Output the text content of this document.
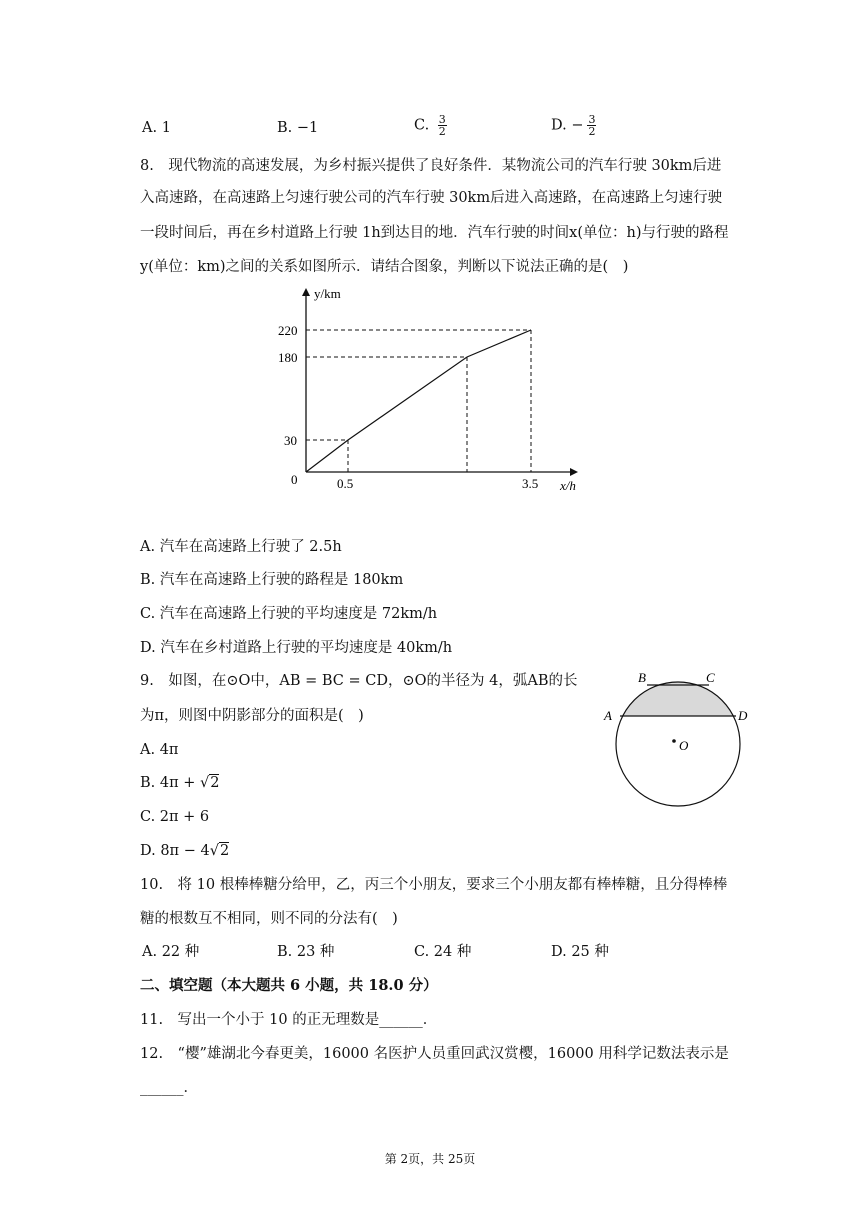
A. 1	B. −1	C. $\frac{3}{2}$	D. − $\frac{3}{2}$
8.　现代物流的高速发展，为乡村振兴提供了良好条件．某物流公司的汽车行驶 30km后进
入高速路，在高速路上匀速行驶公司的汽车行驶 30km后进入高速路，在高速路上匀速行驶
一段时间后，再在乡村道路上行驶 1h到达目的地．汽车行驶的时间x(单位：h)与行驶的路程
y(单位：km)之间的关系如图所示．请结合图象，判断以下说法正确的是(　)
y/km
x/h
0
220
180
30
0.5	3.5
A. 汽车在高速路上行驶了 2.5h
B. 汽车在高速路上行驶的路程是 180km
C. 汽车在高速路上行驶的平均速度是 72km/h
D. 汽车在乡村道路上行驶的平均速度是 40km/h
9.　如图，在⊙O中，AB = BC = CD，⊙O的半径为 4，弧AB的长
为π，则图中阴影部分的面积是(　)
A. 4π
B. 4π + √2
C. 2π + 6
D. 8π − 4√2
B	C
A	D
O
10.　将 10 根棒棒糖分给甲，乙，丙三个小朋友，要求三个小朋友都有棒棒糖，且分得棒棒
糖的根数互不相同，则不同的分法有(　)
A. 22 种	B. 23 种	C. 24 种	D. 25 种
二、填空题（本大题共 6 小题，共 18.0 分）
11.　写出一个小于 10 的正无理数是______．
12.　“樱”雄湖北今春更美，16000 名医护人员重回武汉赏樱，16000 用科学记数法表示是
______．
第 2页，共 25页
